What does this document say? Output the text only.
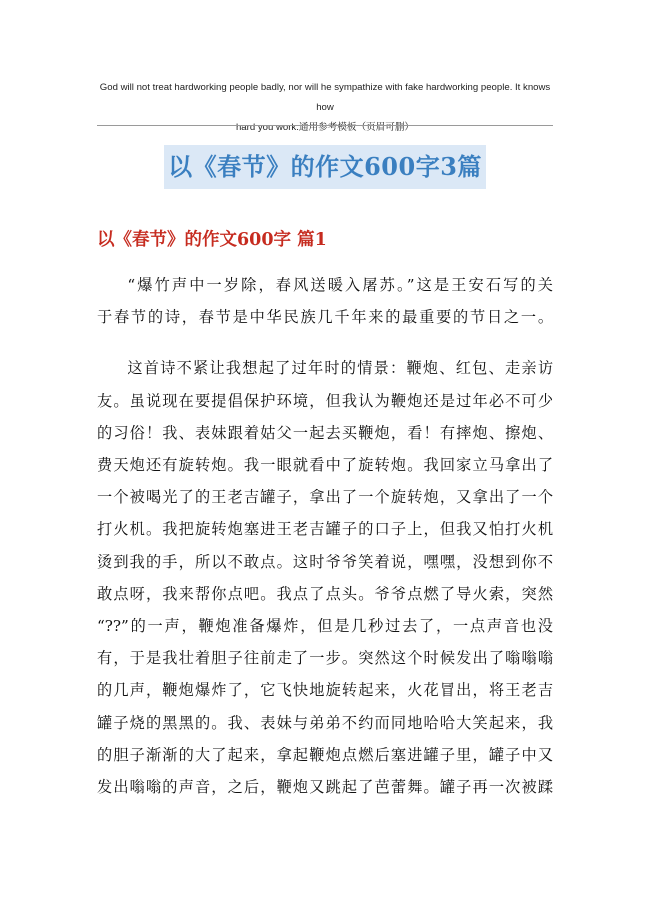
God will not treat hardworking people badly, nor will he sympathize with fake hardworking people. It knows how
hard you work.通用参考模板（页眉可删）
以《春节》的作文600字3篇
以《春节》的作文600字 篇1

“爆竹声中一岁除，春风送暖入屠苏。”这是王安石写的关
于春节的诗，春节是中华民族几千年来的最重要的节日之一。

这首诗不紧让我想起了过年时的情景：鞭炮、红包、走亲访
友。虽说现在要提倡保护环境，但我认为鞭炮还是过年必不可少
的习俗！我、表妹跟着姑父一起去买鞭炮，看！有摔炮、擦炮、
费天炮还有旋转炮。我一眼就看中了旋转炮。我回家立马拿出了
一个被喝光了的王老吉罐子，拿出了一个旋转炮，又拿出了一个
打火机。我把旋转炮塞进王老吉罐子的口子上，但我又怕打火机
烫到我的手，所以不敢点。这时爷爷笑着说，嘿嘿，没想到你不
敢点呀，我来帮你点吧。我点了点头。爷爷点燃了导火索，突然
“??”的一声，鞭炮准备爆炸，但是几秒过去了，一点声音也没
有，于是我壮着胆子往前走了一步。突然这个时候发出了嗡嗡嗡
的几声，鞭炮爆炸了，它飞快地旋转起来，火花冒出，将王老吉
罐子烧的黑黑的。我、表妹与弟弟不约而同地哈哈大笑起来，我
的胆子渐渐的大了起来，拿起鞭炮点燃后塞进罐子里，罐子中又
发出嗡嗡的声音，之后，鞭炮又跳起了芭蕾舞。罐子再一次被蹂
